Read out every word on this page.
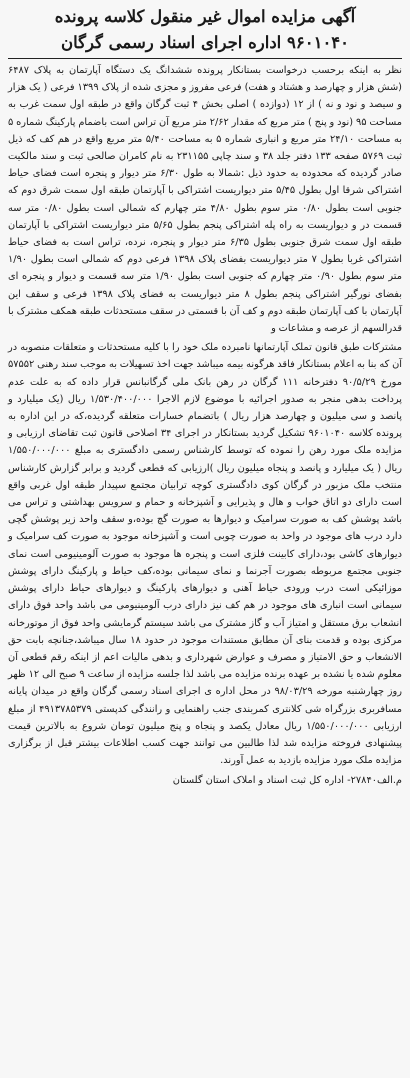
آگهی مزایده اموال غیر منقول کلاسه پرونده
۹۶۰۱۰۴۰ اداره اجرای اسناد رسمی گرگان

نظر به اینکه برحسب درخواست بستانکار پرونده ششدانگ یک دستگاه آپارتمان به پلاک ۶۴۸۷ (شش هزار و چهارصد و هشتاد و هفت) فرعی مفروز و مجزی شده از پلاک ۱۳۹۹ فرعی ( یک هزار و سیصد و نود و نه ) از ۱۲ (دوازده ) اصلی بخش ۴ ثبت گرگان واقع در طبقه اول سمت غرب به مساحت ۹۵ (نود و پنج ) متر مربع که مقدار ۲/۶۲ متر مربع آن تراس است باضمام پارکینگ شماره ۵ به مساحت ۲۴/۱۰ متر مربع و انباری شماره ۵ به مساحت ۵/۴۰ متر مربع واقع در هم کف که ذیل ثبت ۵۷۶۹ صفحه ۱۳۳ دفتر جلد ۳۸ و سند چاپی ۲۳۱۱۵۵ به نام کامران صالحی ثبت و سند مالکیت صادر گردیده که محدوده به حدود ذیل :شمالا به طول ۶/۳۰ متر دیوار و پنجره است فضای حیاط اشتراکی شرقا اول بطول ۵/۴۵ متر دیواریست اشتراکی با آپارتمان طبقه اول سمت شرق دوم که جنوبی است بطول ۰/۸۰ متر سوم بطول ۴/۸۰ متر چهارم که شمالی است بطول ۰/۸۰ متر سه قسمت در و دیواریست به راه پله اشتراکی پنجم بطول ۵/۶۵ متر دیواریست اشتراکی با آپارتمان طبقه اول سمت شرق جنوبی بطول ۶/۳۵ متر دیوار و پنجره، نرده، تراس است به فضای حیاط اشتراکی غربا بطول ۷ متر دیواریست بفضای پلاک ۱۳۹۸ فرعی دوم که شمالی است بطول ۱/۹۰ متر سوم بطول ۰/۹۰ متر چهارم که جنوبی است بطول ۱/۹۰ متر سه قسمت و دیوار و پنجره ای بفضای نورگیر اشتراکی پنجم بطول ۸ متر دیواریست به فضای پلاک ۱۳۹۸ فرعی و سقف این آپارتمان با کف آپارتمان طبقه دوم و کف آن با قسمتی در سقف مستحدثات طبقه همکف مشترک با قدرالسهم از عرصه و مشاعات و

مشترکات طبق قانون تملک آپارتمانها نامبرده ملک خود را با کلیه مستحدثات و متعلقات منصوبه در آن که بنا به اعلام بستانکار فاقد هرگونه بیمه میباشد جهت اخذ تسهیلات به موجب سند رهنی ۵۷۵۵۲ مورخ ۹۰/۵/۲۹ دفترخانه ۱۱۱ گرگان در رهن بانک ملی گرگانبانس قرار داده که به علت عدم پرداخت بدهی منجر به صدور اجرائیه با موضوع لازم الاجرا ۱/۵۳۰/۴۰۰/۰۰۰ ریال (یک میلیارد و پانصد و سی میلیون و چهارصد هزار ریال ) باتضمام خسارات متعلقه گردیده،که در این اداره به پرونده کلاسه ۹۶۰۱۰۴۰ تشکیل گردید بستانکار در اجرای ۳۴ اصلاحی قانون ثبت تقاضای ارزیابی و مزایده ملک مورد رهن را نموده که توسط کارشناس رسمی دادگستری به مبلغ ۱/۵۵۰/۰۰۰/۰۰۰ ریال ( یک میلیارد و پانصد و پنجاه میلیون ریال )ارزیابی که قطعی گردید و برابر گزارش کارشناس منتخب ملک مزبور در گرگان کوی دادگستری کوچه ترابیان مجتمع سپیدار طبقه اول غربی واقع است دارای دو اتاق خواب و هال و پذیرایی و آشپزخانه و حمام و سرویس بهداشتی و تراس می باشد پوشش کف به صورت سرامیک و دیوارها به صورت گچ بوده،و سقف واحد زیر پوشش گچی دارد درب های موجود در واحد به صورت چوبی است و آشپزخانه موجود به صورت کف سرامیک و دیوارهای کاشی بود،دارای کابینت فلزی است و پنجره ها موجود به صورت آلومینیومی است نمای جنوبی مجتمع مربوطه بصورت آجرنما و نمای سیمانی بوده،کف حیاط و پارکینگ دارای پوشش موزائیکی است درب ورودی حیاط آهنی و دیوارهای پارکینگ و دیوارهای حیاط دارای پوشش سیمانی است انباری های موجود در هم کف نیز دارای درب آلومینیومی می باشد واحد فوق دارای انشعاب برق مستقل و امتیاز آب و گاز مشترک می باشد سیستم گرمایشی واحد فوق از موتورخانه مرکزی بوده و قدمت بنای آن مطابق مستندات موجود در حدود ۱۸ سال میباشد،جنانچه بابت حق الانشعاب و حق الامتیاز و مصرف و عوارض شهرداری و بدهی مالیات اعم از اینکه رقم قطعی آن معلوم شده یا نشده بر عهده برنده مزایده می باشد لذا جلسه مزایده از ساعت ۹ صبح الی ۱۲ ظهر روز چهارشنبه مورخه ۹۸/۰۳/۲۹ در محل اداره ی اجرای اسناد رسمی گرگان واقع در میدان پایانه مسافربری بزرگراه شی کلانتری کمربندی جنب راهنمایی و رانندگی کدپستی ۴۹۱۳۷۸۵۳۷۹ از مبلغ ارزیابی ۱/۵۵۰/۰۰۰/۰۰۰ ریال معادل یکصد و پنجاه و پنج میلیون تومان شروع به بالاترین قیمت پیشنهادی فروخته مزایده شد لذا طالبین می توانند جهت کسب اطلاعات بیشتر قبل از برگزاری مزایده ملک مورد مزایده بازدید به عمل آورند.

م.الف۲۷۸۴۰- اداره کل ثبت اسناد و املاک استان گلستان
